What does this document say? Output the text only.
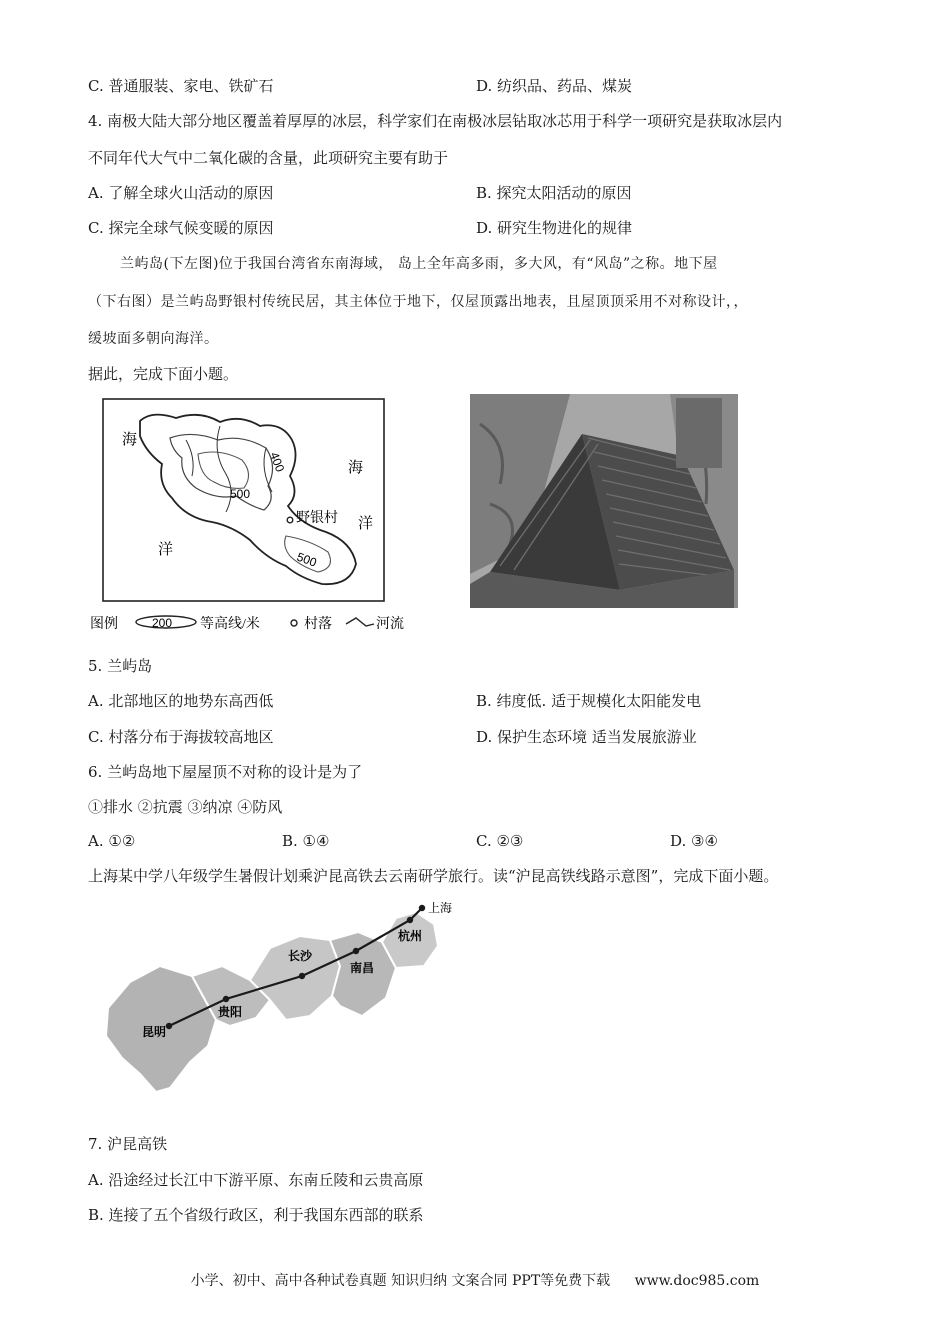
C. 普通服装、家电、铁矿石	D. 纺织品、药品、煤炭
4. 南极大陆大部分地区覆盖着厚厚的冰层，科学家们在南极冰层钻取冰芯用于科学一项研究是获取冰层内
不同年代大气中二氧化碳的含量，此项研究主要有助于
A. 了解全球火山活动的原因	B. 探究太阳活动的原因
C. 探完全球气候变暖的原因	D. 研究生物进化的规律
兰屿岛(下左图)位于我国台湾省东南海域， 岛上全年高多雨，多大风，有“风岛”之称。地下屋
（下右图）是兰屿岛野银村传统民居，其主体位于地下，仅屋顶露出地表，且屋顶顶采用不对称设计，，
缓坡面多朝向海洋。
据此，完成下面小题。
海
洋
海
洋
400
500
500
野银村
图例	200 等高线/米	村落	河流
5. 兰屿岛
A. 北部地区的地势东高西低	B. 纬度低. 适于规模化太阳能发电
C. 村落分布于海拔较高地区	D. 保护生态环境 适当发展旅游业
6. 兰屿岛地下屋屋顶不对称的设计是为了
①排水 ②抗震 ③纳凉 ④防风
A. ①②	B. ①④	C. ②③	D. ③④
上海某中学八年级学生暑假计划乘沪昆高铁去云南研学旅行。读“沪昆高铁线路示意图”，完成下面小题。
上海
杭州
长沙
南昌
贵阳
昆明
7. 沪昆高铁
A. 沿途经过长江中下游平原、东南丘陵和云贵高原
B. 连接了五个省级行政区，利于我国东西部的联系
小学、初中、高中各种试卷真题 知识归纳 文案合同 PPT等免费下载 www.doc985.com
